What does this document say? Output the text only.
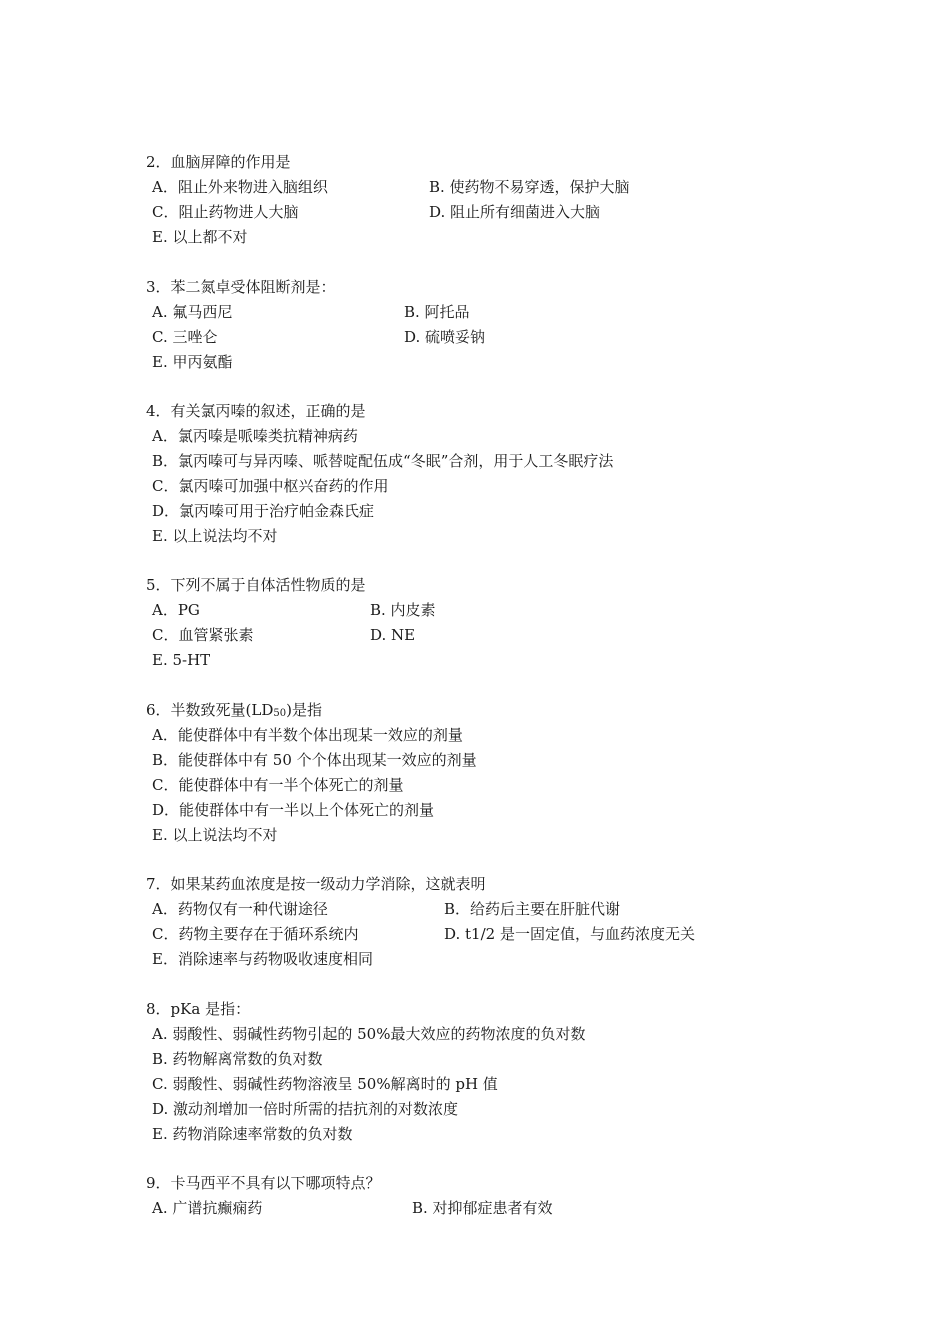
2．血脑屏障的作用是
A．阻止外来物进入脑组织	B. 使药物不易穿透，保护大脑
C．阻止药物进人大脑	D. 阻止所有细菌进入大脑
E. 以上都不对
3．苯二氮卓受体阻断剂是：
A. 氟马西尼	B. 阿托品
C. 三唑仑	D. 硫喷妥钠
E. 甲丙氨酯
4．有关氯丙嗪的叙述，正确的是
A．氯丙嗪是哌嗪类抗精神病药
B．氯丙嗪可与异丙嗪、哌替啶配伍成“冬眠”合剂，用于人工冬眠疗法
C．氯丙嗪可加强中枢兴奋药的作用
D．氯丙嗪可用于治疗帕金森氏症
E. 以上说法均不对
5．下列不属于自体活性物质的是
A．PG	B. 内皮素
C．血管紧张素	D. NE
E. 5-HT
6．半数致死量$(LD_{50})$是指
A．能使群体中有半数个体出现某一效应的剂量
B．能使群体中有 50 个个体出现某一效应的剂量
C．能使群体中有一半个体死亡的剂量
D．能使群体中有一半以上个体死亡的剂量
E. 以上说法均不对
7．如果某药血浓度是按一级动力学消除，这就表明
A．药物仅有一种代谢途径	B．给药后主要在肝脏代谢
C．药物主要存在于循环系统内	D. t1/2 是一固定值，与血药浓度无关
E．消除速率与药物吸收速度相同
8．pKa 是指：
A. 弱酸性、弱碱性药物引起的 50%最大效应的药物浓度的负对数
B. 药物解离常数的负对数
C. 弱酸性、弱碱性药物溶液呈 50%解离时的 pH 值
D. 激动剂增加一倍时所需的拮抗剂的对数浓度
E. 药物消除速率常数的负对数
9．卡马西平不具有以下哪项特点？
A. 广谱抗癫痫药	B. 对抑郁症患者有效
